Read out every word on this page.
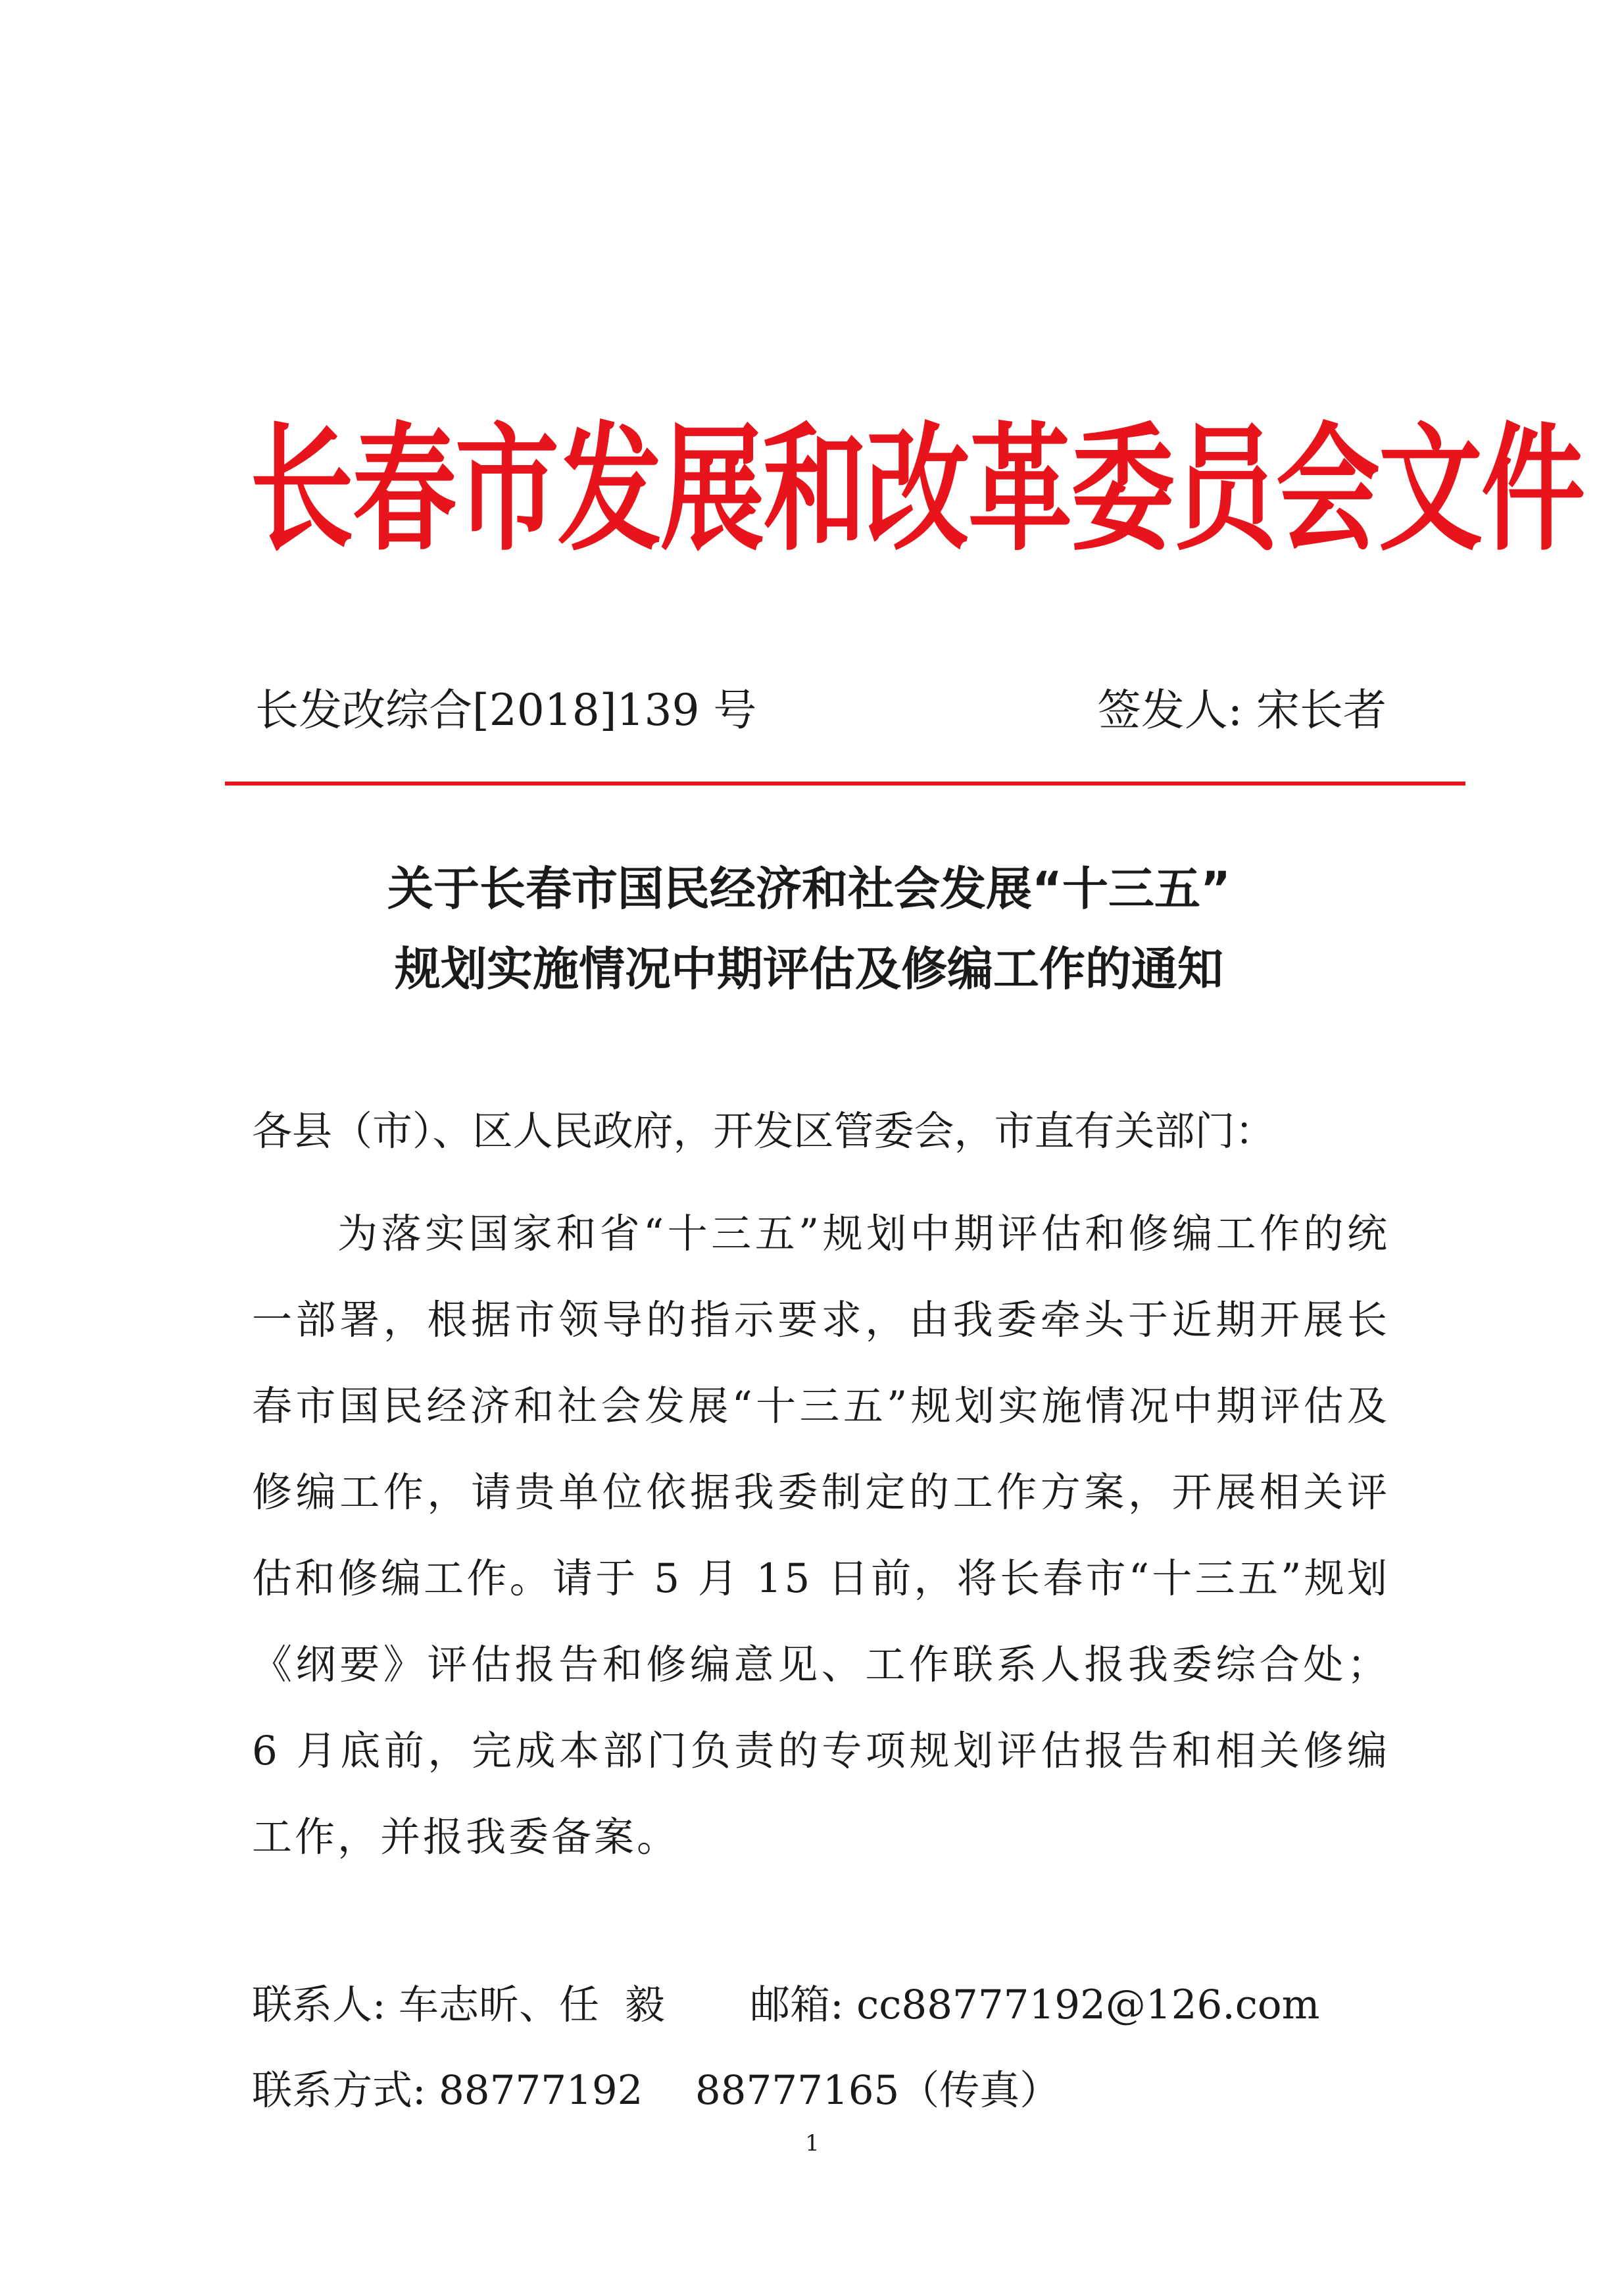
长春市发展和改革委员会文件
长发改综合[2018]139 号	签发人: 宋长者
关于长春市国民经济和社会发展“十三五”
规划实施情况中期评估及修编工作的通知
各县（市）、区人民政府，开发区管委会，市直有关部门：
为落实国家和省“十三五”规划中期评估和修编工作的统一部署，根据市领导的指示要求，由我委牵头于近期开展长春市国民经济和社会发展“十三五”规划实施情况中期评估及修编工作，请贵单位依据我委制定的工作方案，开展相关评估和修编工作。请于 5 月 15 日前，将长春市“十三五”规划《纲要》评估报告和修编意见、工作联系人报我委综合处；6 月底前，完成本部门负责的专项规划评估报告和相关修编工作，并报我委备案。
联系人: 车志昕、任  毅 邮箱: cc88777192@126.com
联系方式: 88777192 88777165（传真）
1
